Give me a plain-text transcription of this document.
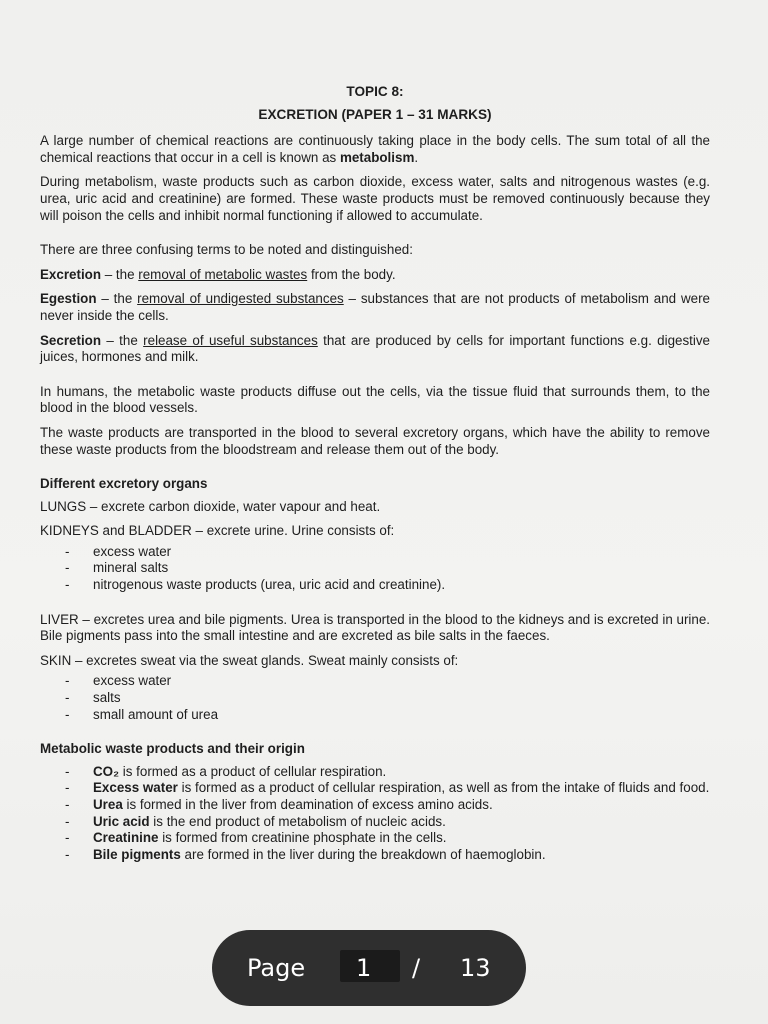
TOPIC 8:
EXCRETION (PAPER 1 – 31 MARKS)

A large number of chemical reactions are continuously taking place in the body cells. The sum total of all the chemical reactions that occur in a cell is known as metabolism.

During metabolism, waste products such as carbon dioxide, excess water, salts and nitrogenous wastes (e.g. urea, uric acid and creatinine) are formed. These waste products must be removed continuously because they will poison the cells and inhibit normal functioning if allowed to accumulate.

There are three confusing terms to be noted and distinguished:

Excretion – the removal of metabolic wastes from the body.

Egestion – the removal of undigested substances – substances that are not products of metabolism and were never inside the cells.

Secretion – the release of useful substances that are produced by cells for important functions e.g. digestive juices, hormones and milk.

In humans, the metabolic waste products diffuse out the cells, via the tissue fluid that surrounds them, to the blood in the blood vessels.

The waste products are transported in the blood to several excretory organs, which have the ability to remove these waste products from the bloodstream and release them out of the body.

Different excretory organs

LUNGS – excrete carbon dioxide, water vapour and heat.

KIDNEYS and BLADDER – excrete urine. Urine consists of:

- excess water
- mineral salts
- nitrogenous waste products (urea, uric acid and creatinine).

LIVER – excretes urea and bile pigments. Urea is transported in the blood to the kidneys and is excreted in urine. Bile pigments pass into the small intestine and are excreted as bile salts in the faeces.

SKIN – excretes sweat via the sweat glands. Sweat mainly consists of:

- excess water
- salts
- small amount of urea
Metabolic waste products and their origin
- CO₂ is formed as a product of cellular respiration.
- Excess water is formed as a product of cellular respiration, as well as from the intake of fluids and food.
- Urea is formed in the liver from deamination of excess amino acids.
- Uric acid is the end product of metabolism of nucleic acids.
- Creatinine is formed from creatinine phosphate in the cells.
- Bile pigments are formed in the liver during the breakdown of haemoglobin.
Page 1 / 13
